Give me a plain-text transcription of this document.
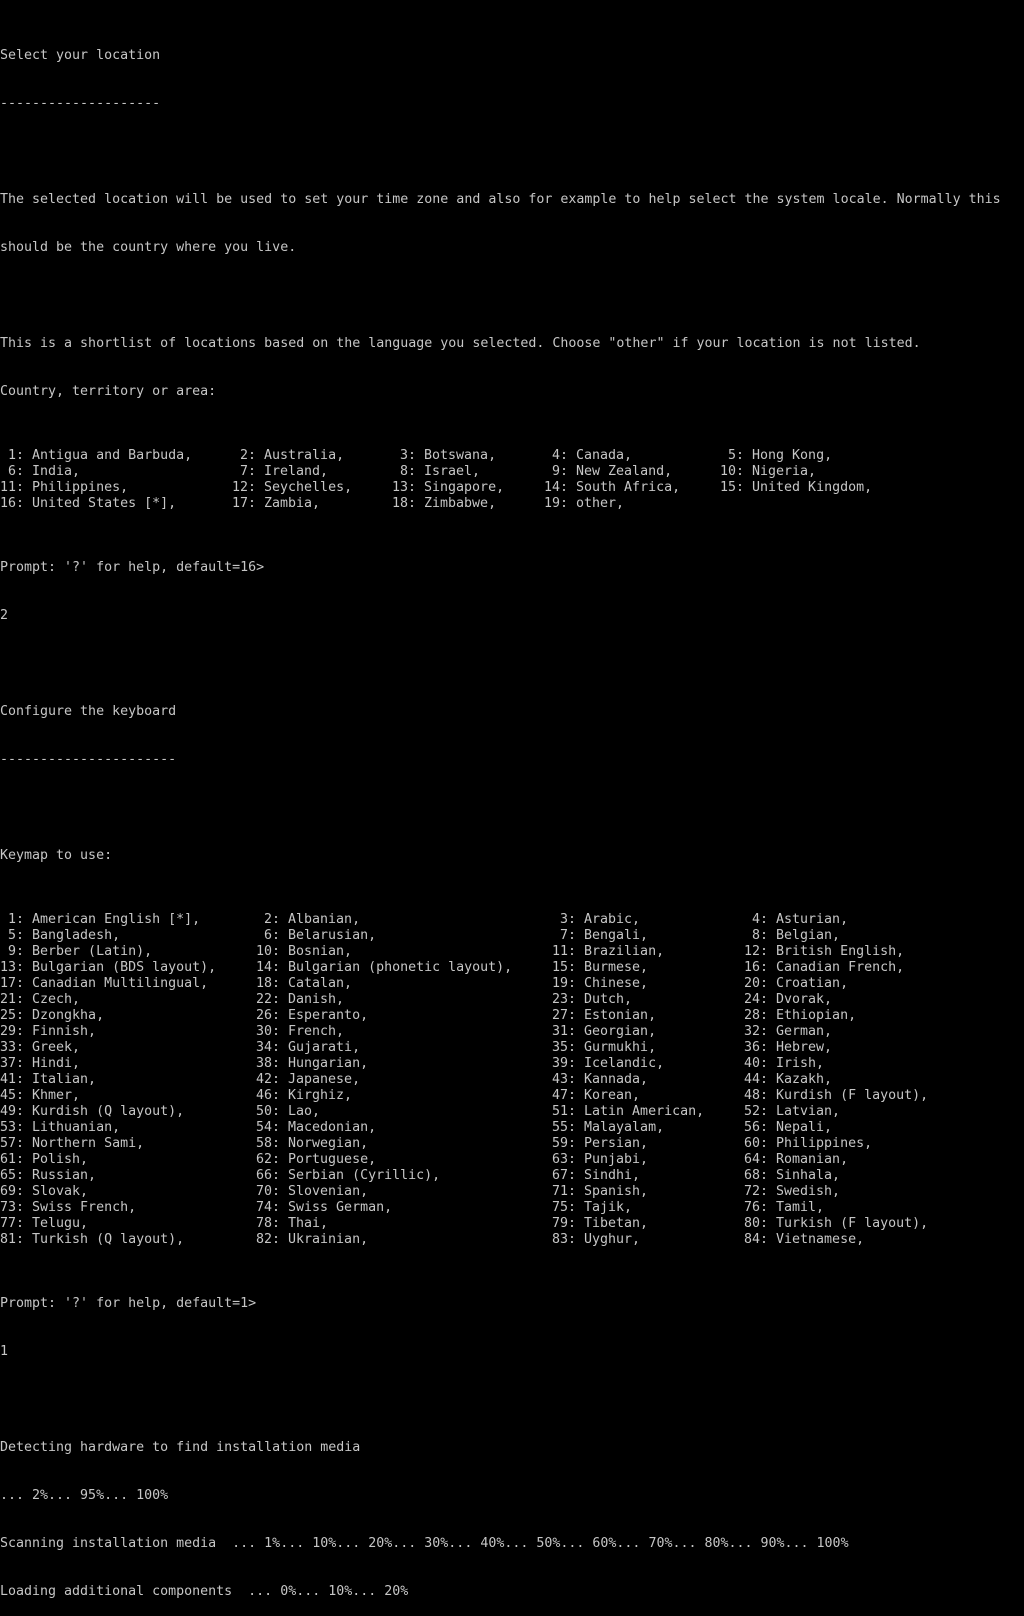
Select your location

--------------------

The selected location will be used to set your time zone and also for example to help select the system locale. Normally this

should be the country where you live.

This is a shortlist of locations based on the language you selected. Choose "other" if your location is not listed.

Country, territory or area:

1: Antigua and Barbuda,	2: Australia,	3: Botswana,	4: Canada,	5: Hong Kong,
6: India,	7: Ireland,	8: Israel,	9: New Zealand,	10: Nigeria,
11: Philippines,	12: Seychelles,	13: Singapore,	14: South Africa,	15: United Kingdom,
16: United States [*],	17: Zambia,	18: Zimbabwe,	19: other,

Prompt: '?' for help, default=16>

2

Configure the keyboard

----------------------

Keymap to use:

1: American English [*],	2: Albanian,	3: Arabic,	4: Asturian,
5: Bangladesh,	6: Belarusian,	7: Bengali,	8: Belgian,
9: Berber (Latin),	10: Bosnian,	11: Brazilian,	12: British English,
13: Bulgarian (BDS layout),	14: Bulgarian (phonetic layout),	15: Burmese,	16: Canadian French,
17: Canadian Multilingual,	18: Catalan,	19: Chinese,	20: Croatian,
21: Czech,	22: Danish,	23: Dutch,	24: Dvorak,
25: Dzongkha,	26: Esperanto,	27: Estonian,	28: Ethiopian,
29: Finnish,	30: French,	31: Georgian,	32: German,
33: Greek,	34: Gujarati,	35: Gurmukhi,	36: Hebrew,
37: Hindi,	38: Hungarian,	39: Icelandic,	40: Irish,
41: Italian,	42: Japanese,	43: Kannada,	44: Kazakh,
45: Khmer,	46: Kirghiz,	47: Korean,	48: Kurdish (F layout),
49: Kurdish (Q layout),	50: Lao,	51: Latin American,	52: Latvian,
53: Lithuanian,	54: Macedonian,	55: Malayalam,	56: Nepali,
57: Northern Sami,	58: Norwegian,	59: Persian,	60: Philippines,
61: Polish,	62: Portuguese,	63: Punjabi,	64: Romanian,
65: Russian,	66: Serbian (Cyrillic),	67: Sindhi,	68: Sinhala,
69: Slovak,	70: Slovenian,	71: Spanish,	72: Swedish,
73: Swiss French,	74: Swiss German,	75: Tajik,	76: Tamil,
77: Telugu,	78: Thai,	79: Tibetan,	80: Turkish (F layout),
81: Turkish (Q layout),	82: Ukrainian,	83: Uyghur,	84: Vietnamese,

Prompt: '?' for help, default=1>

1

Detecting hardware to find installation media

... 2%... 95%... 100%

Scanning installation media  ... 1%... 10%... 20%... 30%... 40%... 50%... 60%... 70%... 80%... 90%... 100%

Loading additional components  ... 0%... 10%... 20%
